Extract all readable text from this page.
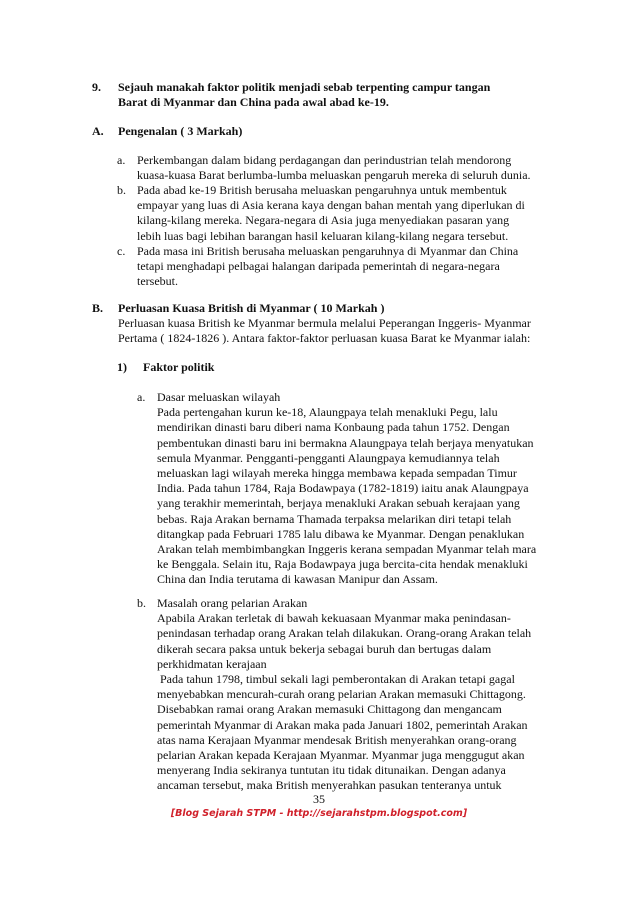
9. Sejauh manakah faktor politik menjadi sebab terpenting campur tangan

Barat di Myanmar dan China pada awal abad ke-19.

A. Pengenalan ( 3 Markah)

a. Perkembangan dalam bidang perdagangan dan perindustrian telah mendorong

kuasa-kuasa Barat berlumba-lumba meluaskan pengaruh mereka di seluruh dunia.

b. Pada abad ke-19 British berusaha meluaskan pengaruhnya untuk membentuk

empayar yang luas di Asia kerana kaya dengan bahan mentah yang diperlukan di

kilang-kilang mereka. Negara-negara di Asia juga menyediakan pasaran yang

lebih luas bagi lebihan barangan hasil keluaran kilang-kilang negara tersebut.

c. Pada masa ini British berusaha meluaskan pengaruhnya di Myanmar dan China

tetapi menghadapi pelbagai halangan daripada pemerintah di negara-negara

tersebut.

B. Perluasan Kuasa British di Myanmar ( 10 Markah )

Perluasan kuasa British ke Myanmar bermula melalui Peperangan Inggeris- Myanmar

Pertama ( 1824-1826 ). Antara faktor-faktor perluasan kuasa Barat ke Myanmar ialah:

1) Faktor politik

a. Dasar meluaskan wilayah

Pada pertengahan kurun ke-18, Alaungpaya telah menakluki Pegu, lalu

mendirikan dinasti baru diberi nama Konbaung pada tahun 1752. Dengan

pembentukan dinasti baru ini bermakna Alaungpaya telah berjaya menyatukan

semula Myanmar. Pengganti-pengganti Alaungpaya kemudiannya telah

meluaskan lagi wilayah mereka hingga membawa kepada sempadan Timur

India. Pada tahun 1784, Raja Bodawpaya (1782-1819) iaitu anak Alaungpaya

yang terakhir memerintah, berjaya menakluki Arakan sebuah kerajaan yang

bebas. Raja Arakan bernama Thamada terpaksa melarikan diri tetapi telah

ditangkap pada Februari 1785 lalu dibawa ke Myanmar. Dengan penaklukan

Arakan telah membimbangkan Inggeris kerana sempadan Myanmar telah mara

ke Benggala. Selain itu, Raja Bodawpaya juga bercita-cita hendak menakluki

China dan India terutama di kawasan Manipur dan Assam.

b. Masalah orang pelarian Arakan

Apabila Arakan terletak di bawah kekuasaan Myanmar maka penindasan-

penindasan terhadap orang Arakan telah dilakukan. Orang-orang Arakan telah

dikerah secara paksa untuk bekerja sebagai buruh dan bertugas dalam

perkhidmatan kerajaan

Pada tahun 1798, timbul sekali lagi pemberontakan di Arakan tetapi gagal

menyebabkan mencurah-curah orang pelarian Arakan memasuki Chittagong.

Disebabkan ramai orang Arakan memasuki Chittagong dan mengancam

pemerintah Myanmar di Arakan maka pada Januari 1802, pemerintah Arakan

atas nama Kerajaan Myanmar mendesak British menyerahkan orang-orang

pelarian Arakan kepada Kerajaan Myanmar. Myanmar juga menggugut akan

menyerang India sekiranya tuntutan itu tidak ditunaikan. Dengan adanya

ancaman tersebut, maka British menyerahkan pasukan tenteranya untuk

35
[Blog Sejarah STPM - http://sejarahstpm.blogspot.com]
